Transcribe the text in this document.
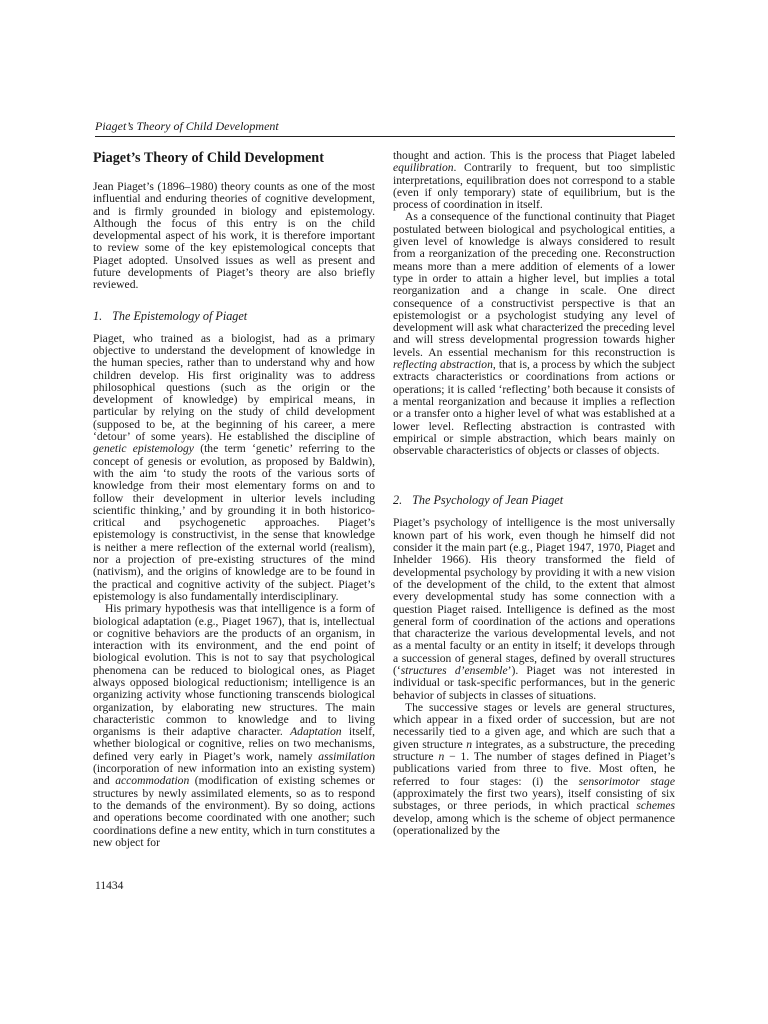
Piaget’s Theory of Child Development
Piaget’s Theory of Child Development

Jean Piaget’s (1896–1980) theory counts as one of the most influential and enduring theories of cognitive development, and is firmly grounded in biology and epistemology. Although the focus of this entry is on the child developmental aspect of his work, it is therefore important to review some of the key epistemological concepts that Piaget adopted. Unsolved issues as well as present and future developments of Piaget’s theory are also briefly reviewed.

1. The Epistemology of Piaget

Piaget, who trained as a biologist, had as a primary objective to understand the development of knowledge in the human species, rather than to understand why and how children develop. His first originality was to address philosophical questions (such as the origin or the development of knowledge) by empirical means, in particular by relying on the study of child development (supposed to be, at the beginning of his career, a mere ‘detour’ of some years). He established the discipline of genetic epistemology (the term ‘genetic’ referring to the concept of genesis or evolution, as proposed by Baldwin), with the aim ‘to study the roots of the various sorts of knowledge from their most elementary forms on and to follow their development in ulterior levels including scientific thinking,’ and by grounding it in both historico-critical and psychogenetic approaches. Piaget’s epistemology is constructivist, in the sense that knowledge is neither a mere reflection of the external world (realism), nor a projection of pre-existing structures of the mind (nativism), and the origins of knowledge are to be found in the practical and cognitive activity of the subject. Piaget’s epistemology is also fundamentally interdisciplinary.

His primary hypothesis was that intelligence is a form of biological adaptation (e.g., Piaget 1967), that is, intellectual or cognitive behaviors are the products of an organism, in interaction with its environment, and the end point of biological evolution. This is not to say that psychological phenomena can be reduced to biological ones, as Piaget always opposed biological reductionism; intelligence is an organizing activity whose functioning transcends biological organization, by elaborating new structures. The main characteristic common to knowledge and to living organisms is their adaptive character. Adaptation itself, whether biological or cognitive, relies on two mechanisms, defined very early in Piaget’s work, namely assimilation (incorporation of new information into an existing system) and accommodation (modification of existing schemes or structures by newly assimilated elements, so as to respond to the demands of the environment). By so doing, actions and operations become coordinated with one another; such coordinations define a new entity, which in turn constitutes a new object for

thought and action. This is the process that Piaget labeled equilibration. Contrarily to frequent, but too simplistic interpretations, equilibration does not correspond to a stable (even if only temporary) state of equilibrium, but is the process of coordination in itself.

As a consequence of the functional continuity that Piaget postulated between biological and psychological entities, a given level of knowledge is always considered to result from a reorganization of the preceding one. Reconstruction means more than a mere addition of elements of a lower type in order to attain a higher level, but implies a total reorganization and a change in scale. One direct consequence of a constructivist perspective is that an epistemologist or a psychologist studying any level of development will ask what characterized the preceding level and will stress developmental progression towards higher levels. An essential mechanism for this reconstruction is reflecting abstraction, that is, a process by which the subject extracts characteristics or coordinations from actions or operations; it is called ‘reflecting’ both because it consists of a mental reorganization and because it implies a reflection or a transfer onto a higher level of what was established at a lower level. Reflecting abstraction is contrasted with empirical or simple abstraction, which bears mainly on observable characteristics of objects or classes of objects.

2. The Psychology of Jean Piaget

Piaget’s psychology of intelligence is the most universally known part of his work, even though he himself did not consider it the main part (e.g., Piaget 1947, 1970, Piaget and Inhelder 1966). His theory transformed the field of developmental psychology by providing it with a new vision of the development of the child, to the extent that almost every developmental study has some connection with a question Piaget raised. Intelligence is defined as the most general form of coordination of the actions and operations that characterize the various developmental levels, and not as a mental faculty or an entity in itself; it develops through a succession of general stages, defined by overall structures (‘structures d’ensemble’). Piaget was not interested in individual or task-specific performances, but in the generic behavior of subjects in classes of situations.

The successive stages or levels are general structures, which appear in a fixed order of succession, but are not necessarily tied to a given age, and which are such that a given structure n integrates, as a substructure, the preceding structure n − 1. The number of stages defined in Piaget’s publications varied from three to five. Most often, he referred to four stages: (i) the sensorimotor stage (approximately the first two years), itself consisting of six substages, or three periods, in which practical schemes develop, among which is the scheme of object permanence (operationalized by the

11434
